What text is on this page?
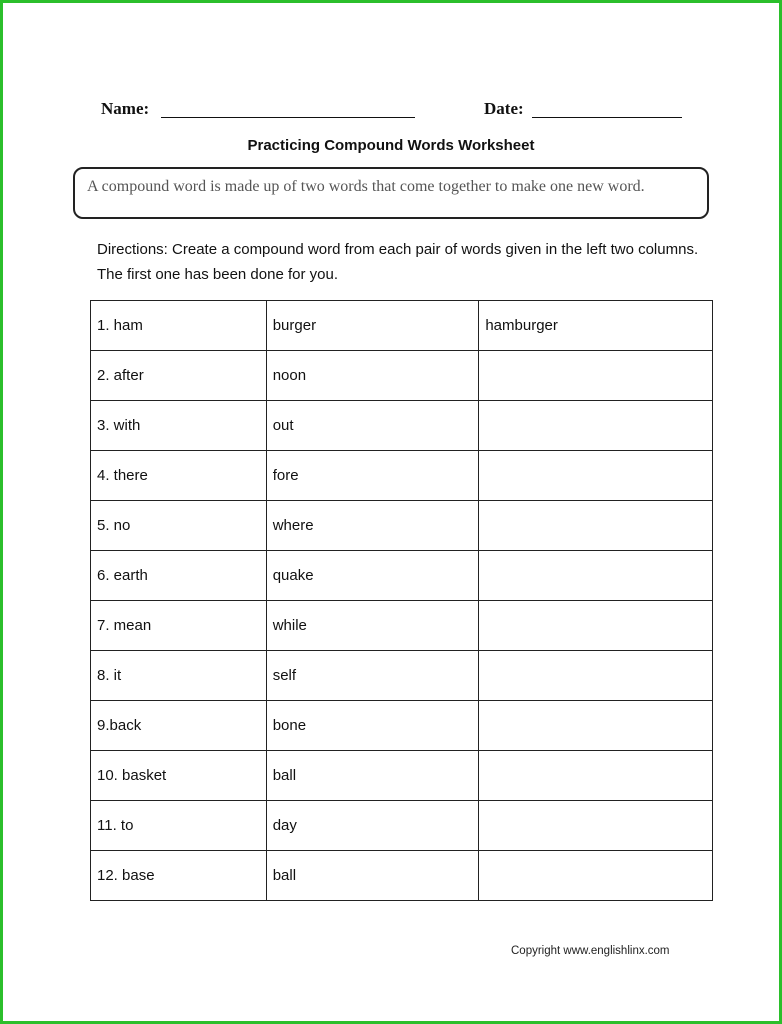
Name:	Date:
Practicing Compound Words Worksheet
A compound word is made up of two words that come together to make one new word.
Directions: Create a compound word from each pair of words given in the left two columns. The first one has been done for you.
1. ham	burger	hamburger
2. after	noon	
3. with	out	
4. there	fore	
5. no	where	
6. earth	quake	
7. mean	while	
8. it	self	
9.back	bone	
10. basket	ball	
11. to	day	
12. base	ball	
Copyright www.englishlinx.com
